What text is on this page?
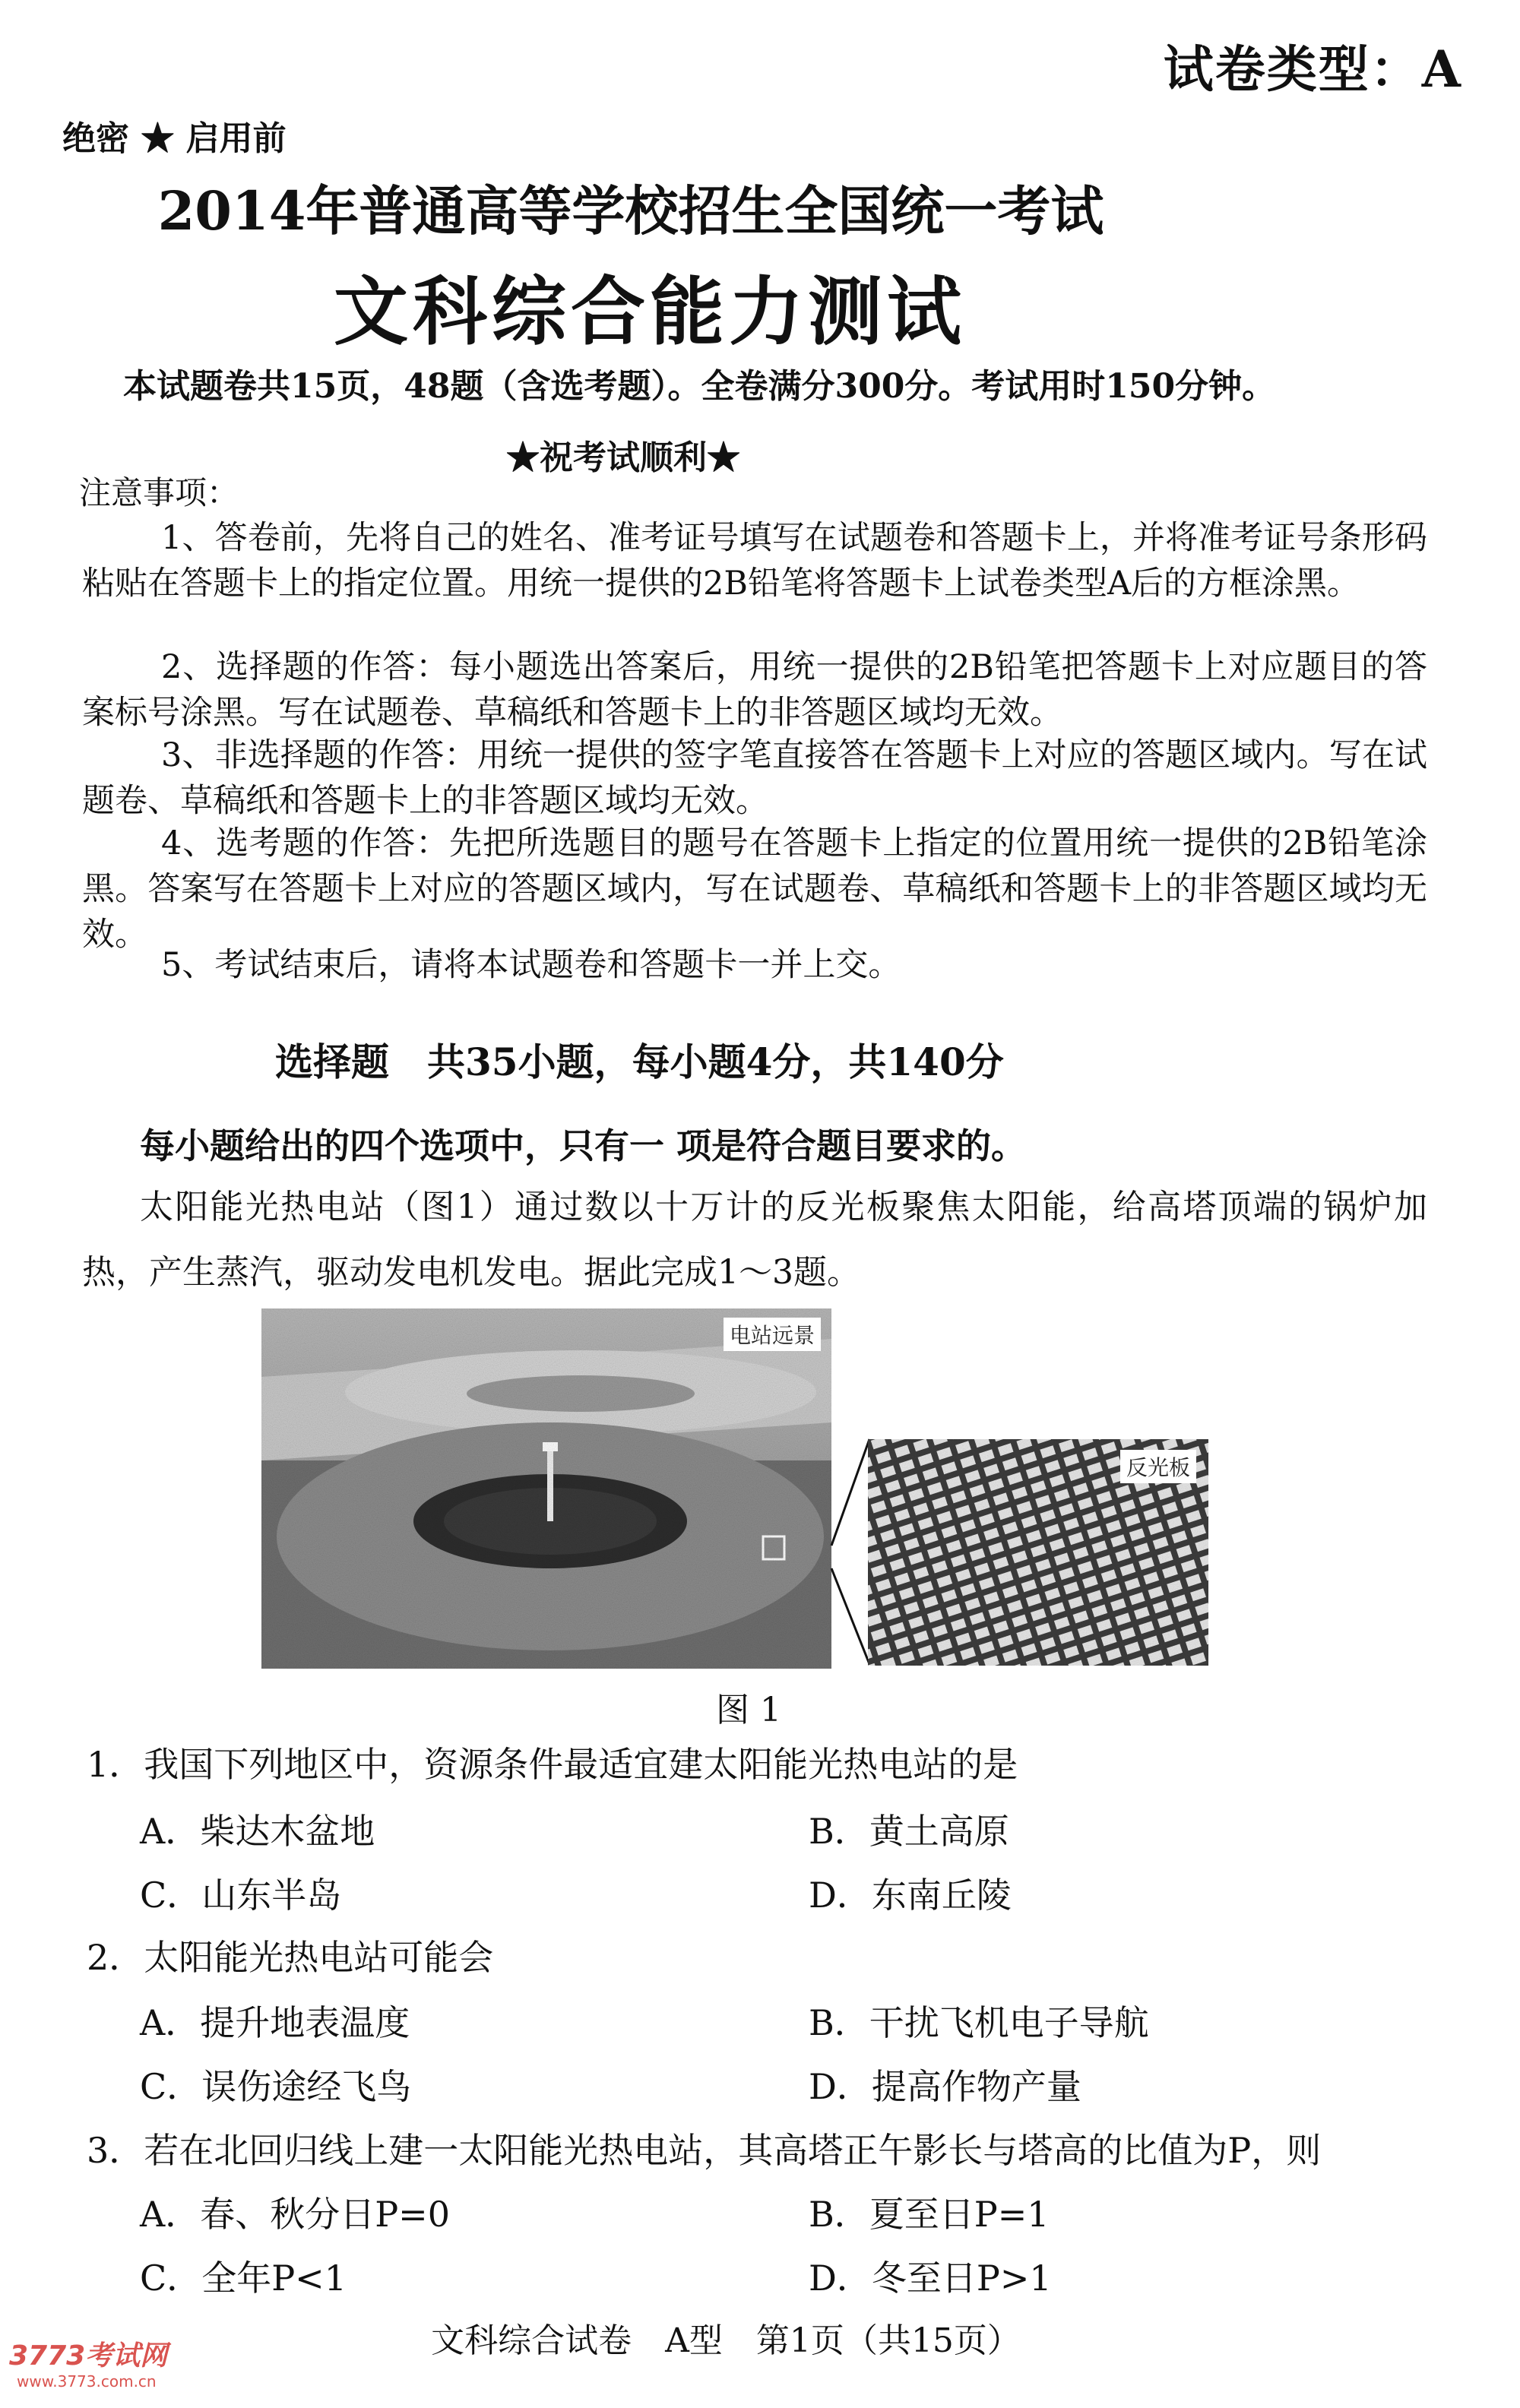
试卷类型：A
绝密 ★ 启用前
2014年普通高等学校招生全国统一考试
文科综合能力测试
本试题卷共15页，48题（含选考题）。全卷满分300分。考试用时150分钟。
★祝考试顺利★
注意事项：
1、答卷前，先将自己的姓名、准考证号填写在试题卷和答题卡上，并将准考证号条形码粘贴在答题卡上的指定位置。用统一提供的2B铅笔将答题卡上试卷类型A后的方框涂黑。
2、选择题的作答：每小题选出答案后，用统一提供的2B铅笔把答题卡上对应题目的答案标号涂黑。写在试题卷、草稿纸和答题卡上的非答题区域均无效。
3、非选择题的作答：用统一提供的签字笔直接答在答题卡上对应的答题区域内。写在试题卷、草稿纸和答题卡上的非答题区域均无效。
4、选考题的作答：先把所选题目的题号在答题卡上指定的位置用统一提供的2B铅笔涂黑。答案写在答题卡上对应的答题区域内，写在试题卷、草稿纸和答题卡上的非答题区域均无效。
5、考试结束后，请将本试题卷和答题卡一并上交。
选择题　共35小题，每小题4分，共140分
每小题给出的四个选项中，只有一 项是符合题目要求的。
太阳能光热电站（图1）通过数以十万计的反光板聚焦太阳能，给高塔顶端的锅炉加热，产生蒸汽，驱动发电机发电。据此完成1～3题。
电站远景
反光板
图 1
1．我国下列地区中，资源条件最适宜建太阳能光热电站的是
A．柴达木盆地	B．黄土高原
C．山东半岛	D．东南丘陵
2．太阳能光热电站可能会
A．提升地表温度	B．干扰飞机电子导航
C．误伤途经飞鸟	D．提高作物产量
3．若在北回归线上建一太阳能光热电站，其高塔正午影长与塔高的比值为P，则
A．春、秋分日P=0	B．夏至日P=1
C．全年P<1	D．冬至日P>1
文科综合试卷　A型　第1页（共15页）
3773考试网
www.3773.com.cn
